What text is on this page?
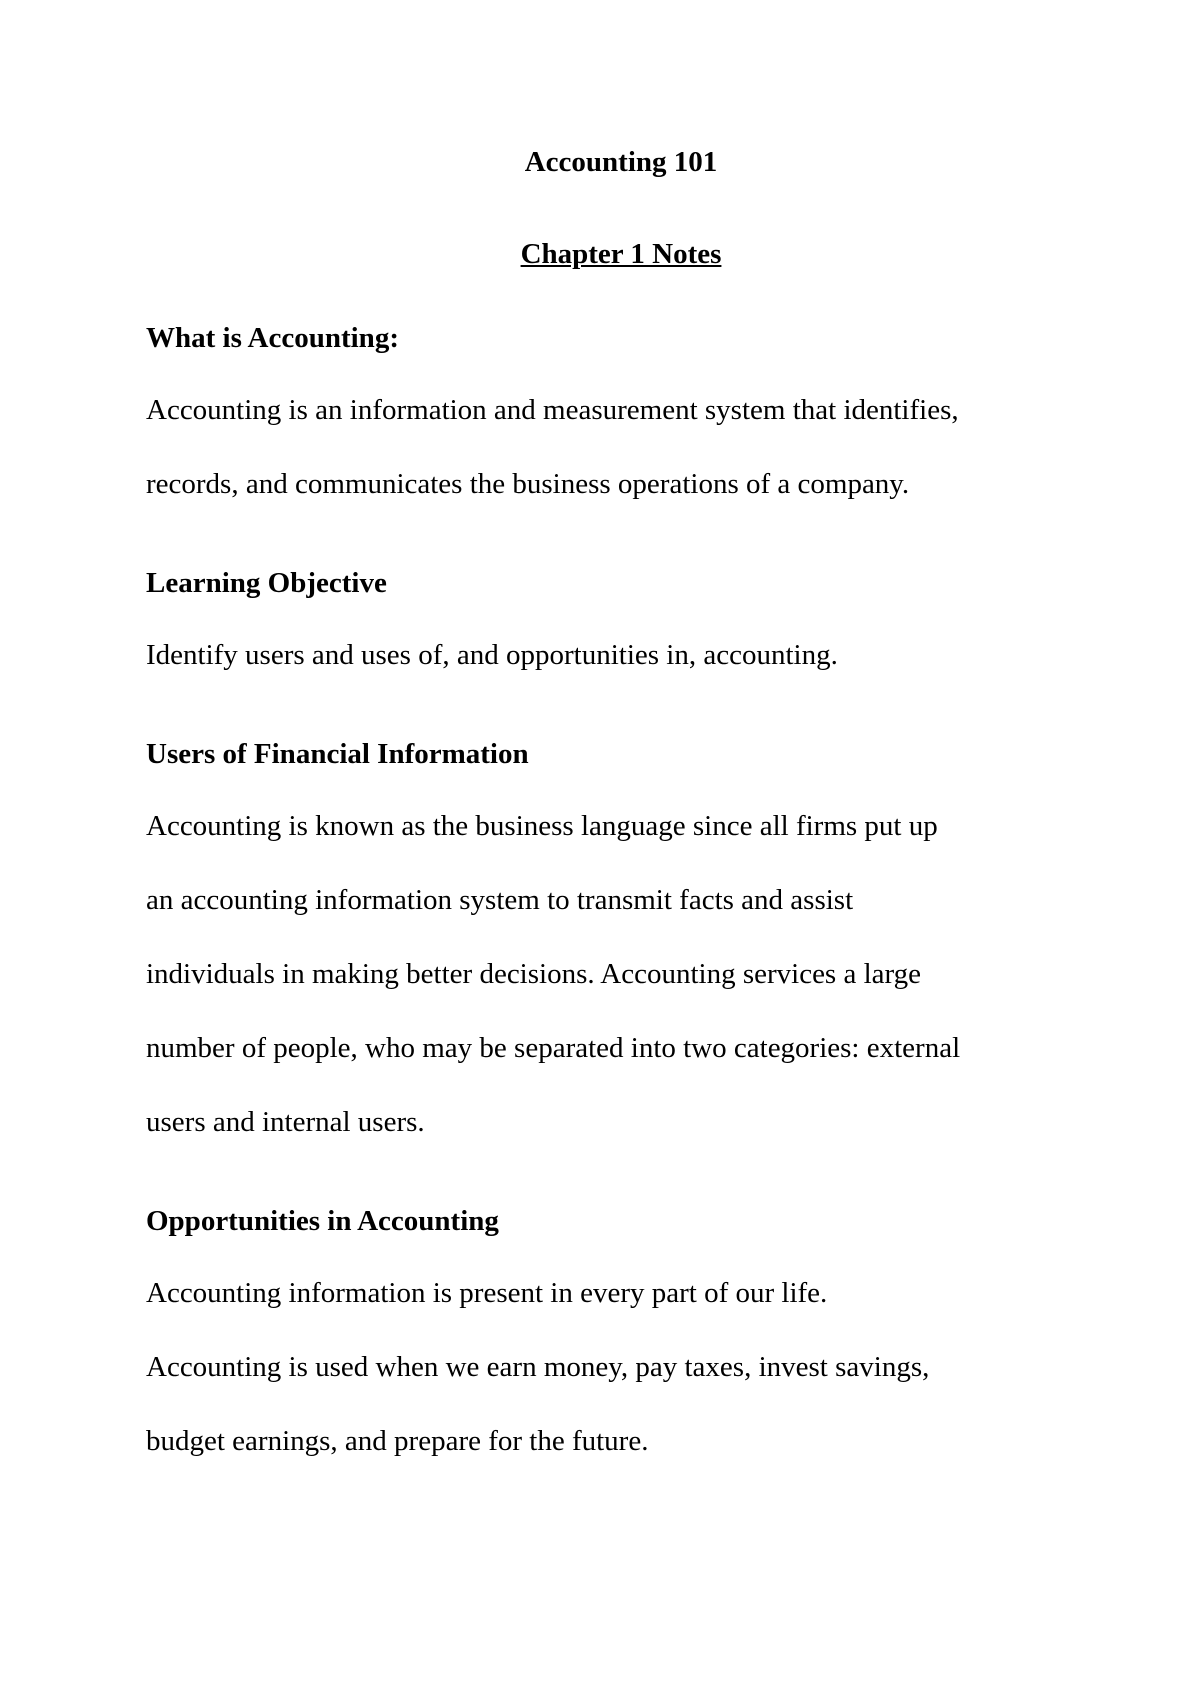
Accounting 101
Chapter 1 Notes
What is Accounting:

Accounting is an information and measurement system that identifies,
records, and communicates the business operations of a company.

Learning Objective

Identify users and uses of, and opportunities in, accounting.

Users of Financial Information

Accounting is known as the business language since all firms put up
an accounting information system to transmit facts and assist
individuals in making better decisions. Accounting services a large
number of people, who may be separated into two categories: external
users and internal users.

Opportunities in Accounting

Accounting information is present in every part of our life.
Accounting is used when we earn money, pay taxes, invest savings,
budget earnings, and prepare for the future.
